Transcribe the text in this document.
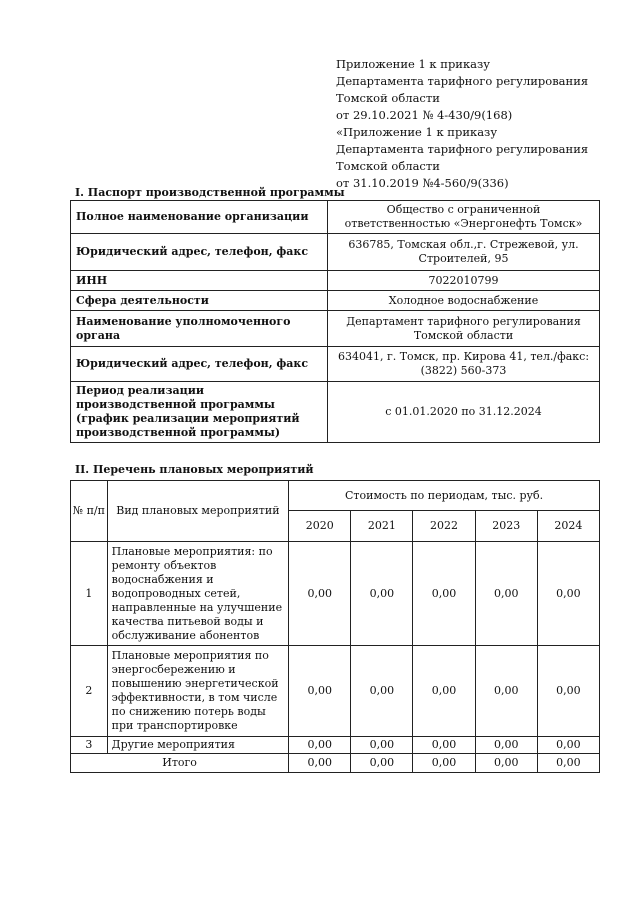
Приложение 1 к приказу
Департамента тарифного регулирования
Томской области
от 29.10.2021 № 4-430/9(168)
«Приложение 1 к приказу
Департамента тарифного регулирования
Томской области
от 31.10.2019 №4-560/9(336)
I. Паспорт производственной программы
Полное наименование организации	Общество с ограниченной ответственностью «Энергонефть Томск»
Юридический адрес, телефон, факс	636785, Томская обл.,г. Стрежевой, ул. Строителей, 95
ИНН	7022010799
Сфера деятельности	Холодное водоснабжение
Наименование уполномоченного органа	Департамент тарифного регулирования Томской области
Юридический адрес, телефон, факс	634041, г. Томск, пр. Кирова 41, тел./факс: (3822) 560-373
Период реализации производственной программы (график реализации мероприятий производственной программы)	с 01.01.2020 по 31.12.2024
II. Перечень плановых мероприятий
№ п/п	Вид плановых мероприятий	Стоимость по периодам, тыс. руб.				
		2020	2021	2022	2023	2024
1	Плановые мероприятия: по ремонту объектов водоснабжения и водопроводных сетей, направленные на улучшение качества питьевой воды и обслуживание абонентов	0,00	0,00	0,00	0,00	0,00
2	Плановые мероприятия по энергосбережению и повышению энергетической эффективности, в том числе по снижению потерь воды при транспортировке	0,00	0,00	0,00	0,00	0,00
3	Другие мероприятия	0,00	0,00	0,00	0,00	0,00
Итого		0,00	0,00	0,00	0,00	0,00
